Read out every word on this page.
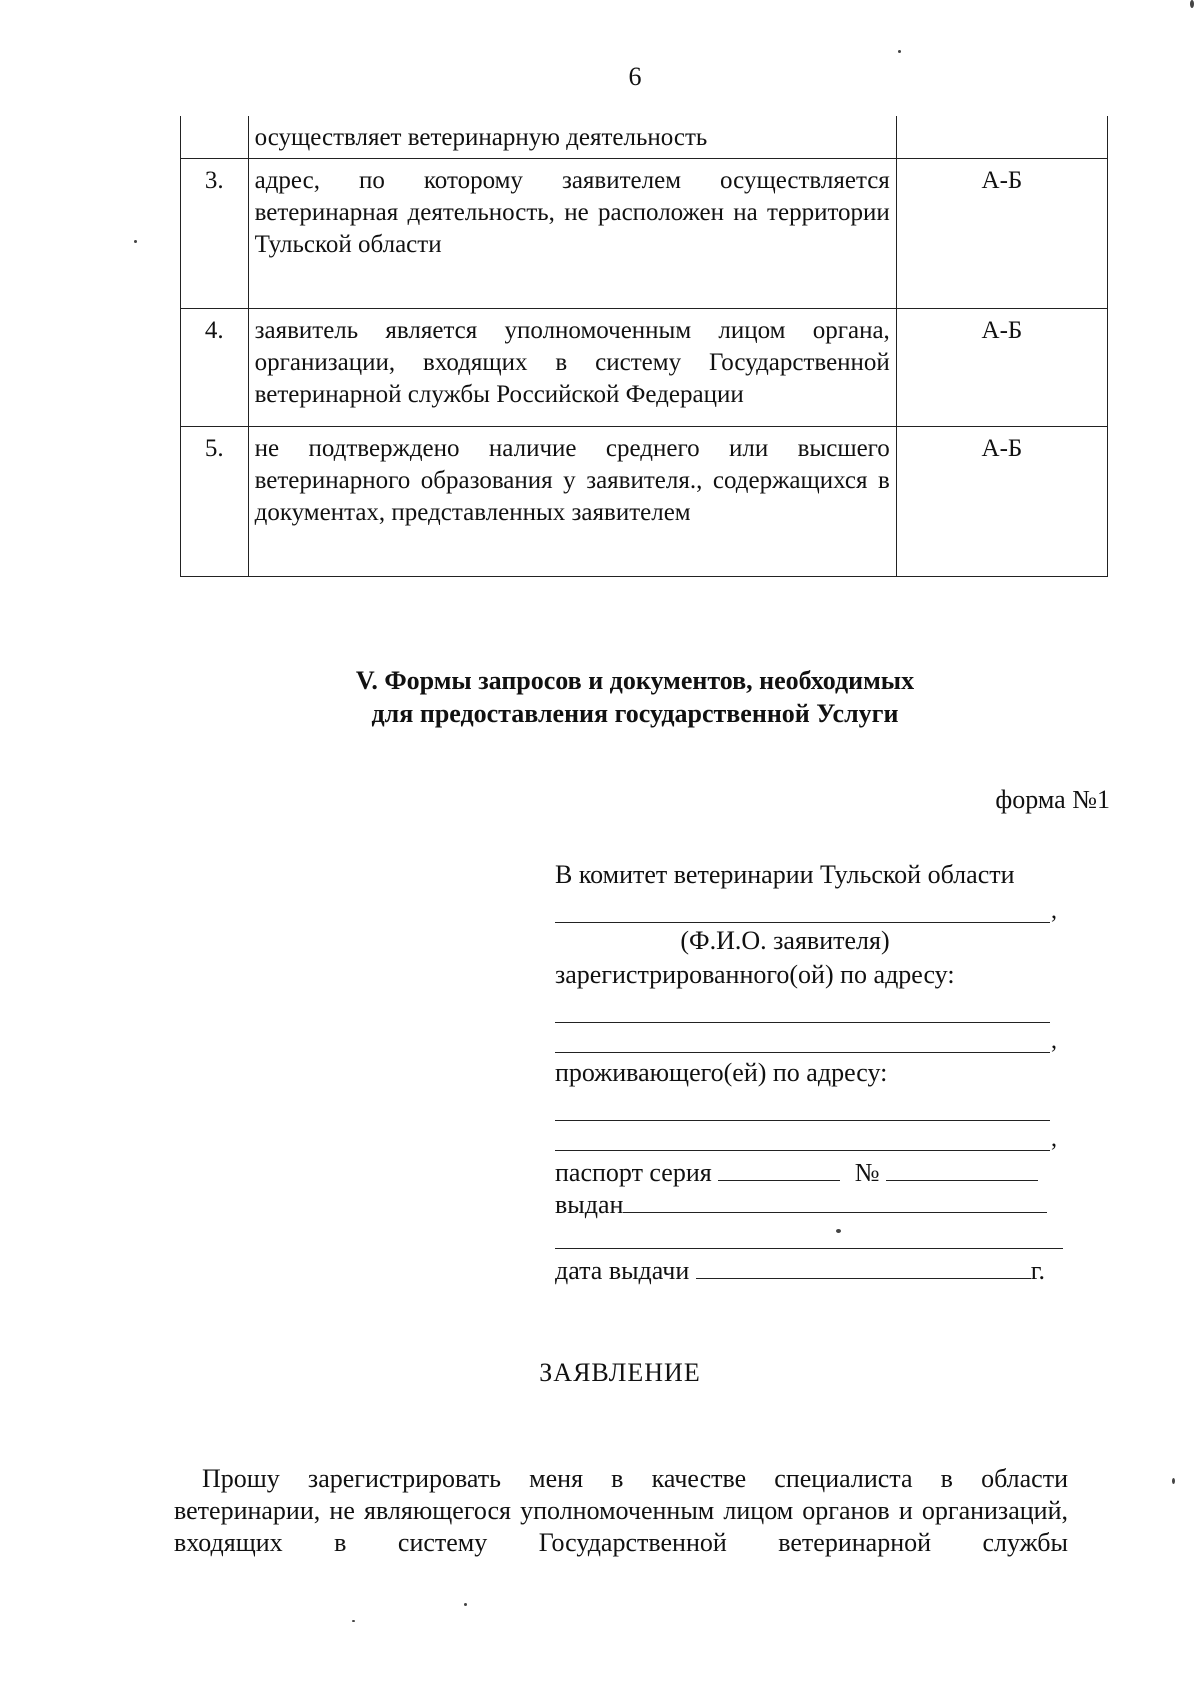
6
	осуществляет ветеринарную деятельность	
3.	адрес, по которому заявителем осуществляется ветеринарная деятельность, не расположен на территории Тульской области	А-Б
4.	заявитель является уполномоченным лицом органа, организации, входящих в систему Государственной ветеринарной службы Российской Федерации	А-Б
5.	не подтверждено наличие среднего или высшего ветеринарного образования у заявителя., содержащихся в документах, представленных заявителем	А-Б
V. Формы запросов и документов, необходимых
для предоставления государственной Услуги
форма №1
В комитет ветеринарии Тульской области
,
(Ф.И.О. заявителя)
зарегистрированного(ой) по адресу:
,
проживающего(ей) по адресу:
,
паспорт серия	№
выдан
дата выдачи	г.
ЗАЯВЛЕНИЕ
Прошу зарегистрировать меня в качестве специалиста в области ветеринарии, не являющегося уполномоченным лицом органов и организаций, входящих в систему Государственной ветеринарной службы
